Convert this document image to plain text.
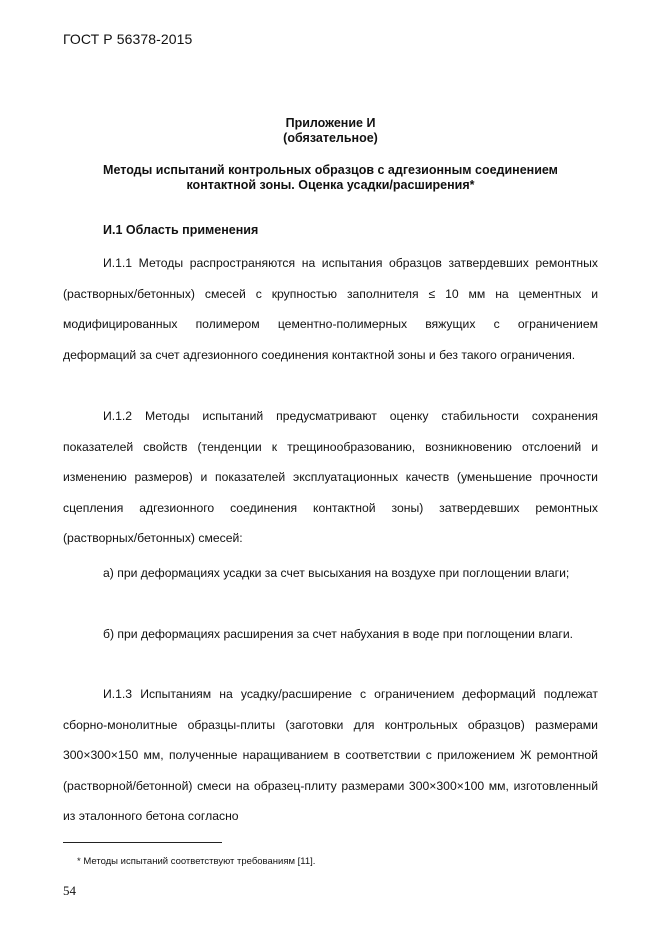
ГОСТ Р 56378-2015
Приложение И
(обязательное)
Методы испытаний контрольных образцов с адгезионным соединением
контактной зоны. Оценка усадки/расширения*
И.1 Область применения

И.1.1 Методы распространяются на испытания образцов затвердевших ремонтных (растворных/бетонных) смесей с крупностью заполнителя ≤ 10 мм на цементных и модифицированных полимером цементно-полимерных вяжущих с ограничением деформаций за счет адгезионного соединения контактной зоны и без такого ограничения.

И.1.2 Методы испытаний предусматривают оценку стабильности сохранения показателей свойств (тенденции к трещинообразованию, возникновению отслоений и изменению размеров) и показателей эксплуатационных качеств (уменьшение прочности сцепления адгезионного соединения контактной зоны) затвердевших ремонтных (растворных/бетонных) смесей:

а) при деформациях усадки за счет высыхания на воздухе при поглощении влаги;

б) при деформациях расширения за счет набухания в воде при поглощении влаги.

И.1.3 Испытаниям на усадку/расширение с ограничением деформаций подлежат сборно-монолитные образцы-плиты (заготовки для контрольных образцов) размерами 300×300×150 мм, полученные наращиванием в соответствии с приложением Ж ремонтной (растворной/бетонной) смеси на образец-плиту размерами 300×300×100 мм, изготовленный из эталонного бетона согласно

* Методы испытаний соответствуют требованиям [11].
54
